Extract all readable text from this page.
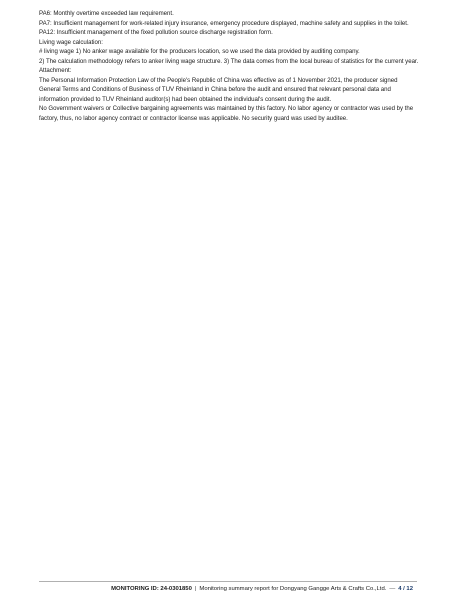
PA6: Monthly overtime exceeded law requirement.

PA7: Insufficient management for work-related injury insurance, emergency procedure displayed, machine safety and supplies in the toilet.

PA12: Insufficient management of the fixed pollution source discharge registration form.

Living wage calculation:

# living wage 1) No anker wage available for the producers location, so we used the data provided by auditing company.

2) The calculation methodology refers to anker living wage structure. 3) The data comes from the local bureau of statistics for the current year.

Attachment:

The Personal Information Protection Law of the People's Republic of China was effective as of 1 November 2021, the producer signed General Terms and Conditions of Business of TUV Rheinland in China before the audit and ensured that relevant personal data and information provided to TUV Rheinland auditor(s) had been obtained the individual's consent during the audit.

No Government waivers or Collective bargaining agreements was maintained by this factory. No labor agency or contractor was used by the factory, thus, no labor agency contract or contractor license was applicable. No security guard was used by auditee.

MONITORING ID: 24-0301850 | Monitoring summary report for Dongyang Gangge Arts & Crafts Co.,Ltd. — 4 / 12
